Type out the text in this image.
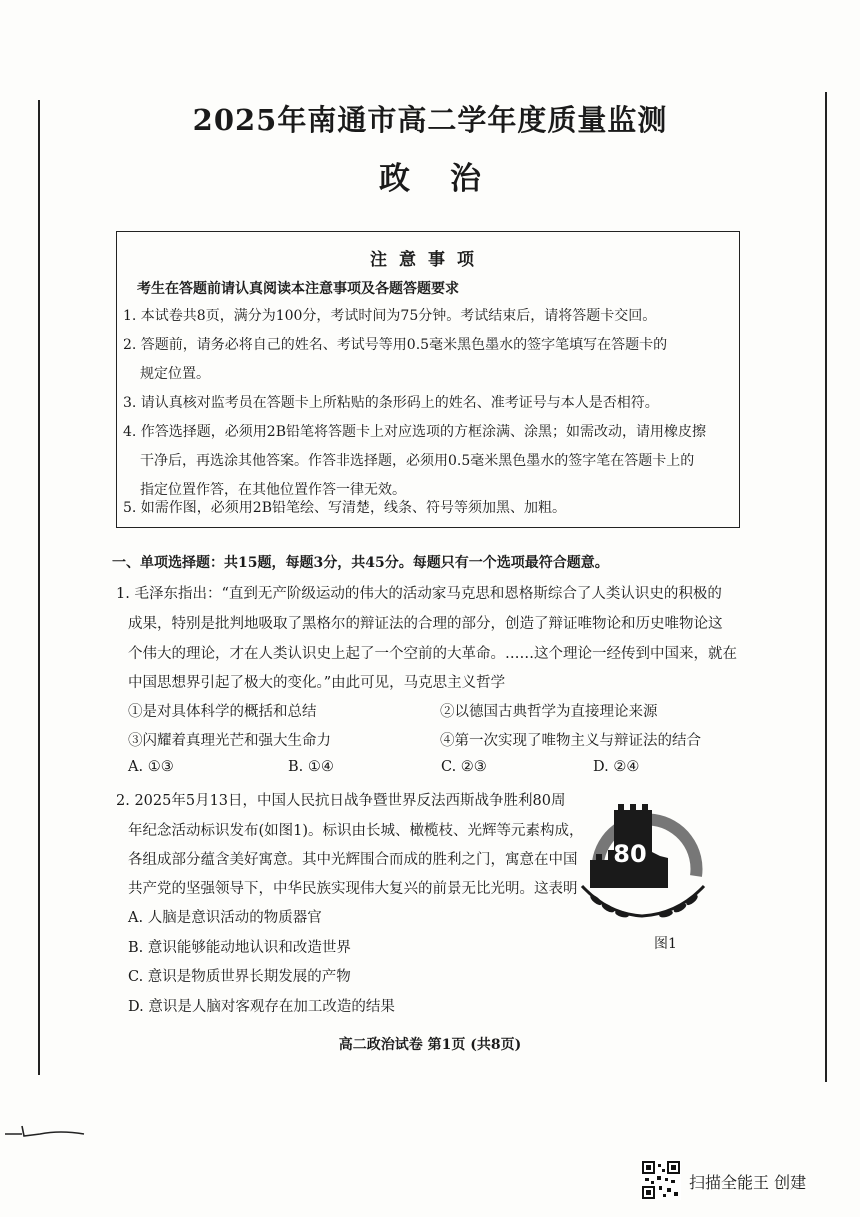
2025年南通市高二学年度质量监测
政治
注意事项
考生在答题前请认真阅读本注意事项及各题答题要求
1. 本试卷共8页，满分为100分，考试时间为75分钟。考试结束后，请将答题卡交回。
2. 答题前，请务必将自己的姓名、考试号等用0.5毫米黑色墨水的签字笔填写在答题卡的
规定位置。
3. 请认真核对监考员在答题卡上所粘贴的条形码上的姓名、准考证号与本人是否相符。
4. 作答选择题，必须用2B铅笔将答题卡上对应选项的方框涂满、涂黑；如需改动，请用橡皮擦
干净后，再选涂其他答案。作答非选择题，必须用0.5毫米黑色墨水的签字笔在答题卡上的
指定位置作答，在其他位置作答一律无效。
5. 如需作图，必须用2B铅笔绘、写清楚，线条、符号等须加黑、加粗。
一、单项选择题：共15题，每题3分，共45分。每题只有一个选项最符合题意。
1. 毛泽东指出：“直到无产阶级运动的伟大的活动家马克思和恩格斯综合了人类认识史的积极的
成果，特别是批判地吸取了黑格尔的辩证法的合理的部分，创造了辩证唯物论和历史唯物论这
个伟大的理论，才在人类认识史上起了一个空前的大革命。……这个理论一经传到中国来，就在
中国思想界引起了极大的变化。”由此可见，马克思主义哲学
①是对具体科学的概括和总结	②以德国古典哲学为直接理论来源
③闪耀着真理光芒和强大生命力	④第一次实现了唯物主义与辩证法的结合
A. ①③	B. ①④	C. ②③	D. ②④
2. 2025年5月13日，中国人民抗日战争暨世界反法西斯战争胜利80周
年纪念活动标识发布(如图1)。标识由长城、橄榄枝、光辉等元素构成，
各组成部分蕴含美好寓意。其中光辉围合而成的胜利之门，寓意在中国
共产党的坚强领导下，中华民族实现伟大复兴的前景无比光明。这表明
A. 人脑是意识活动的物质器官
B. 意识能够能动地认识和改造世界
C. 意识是物质世界长期发展的产物
D. 意识是人脑对客观存在加工改造的结果
80
图1
高二政治试卷 第1页 (共8页)
扫描全能王 创建
